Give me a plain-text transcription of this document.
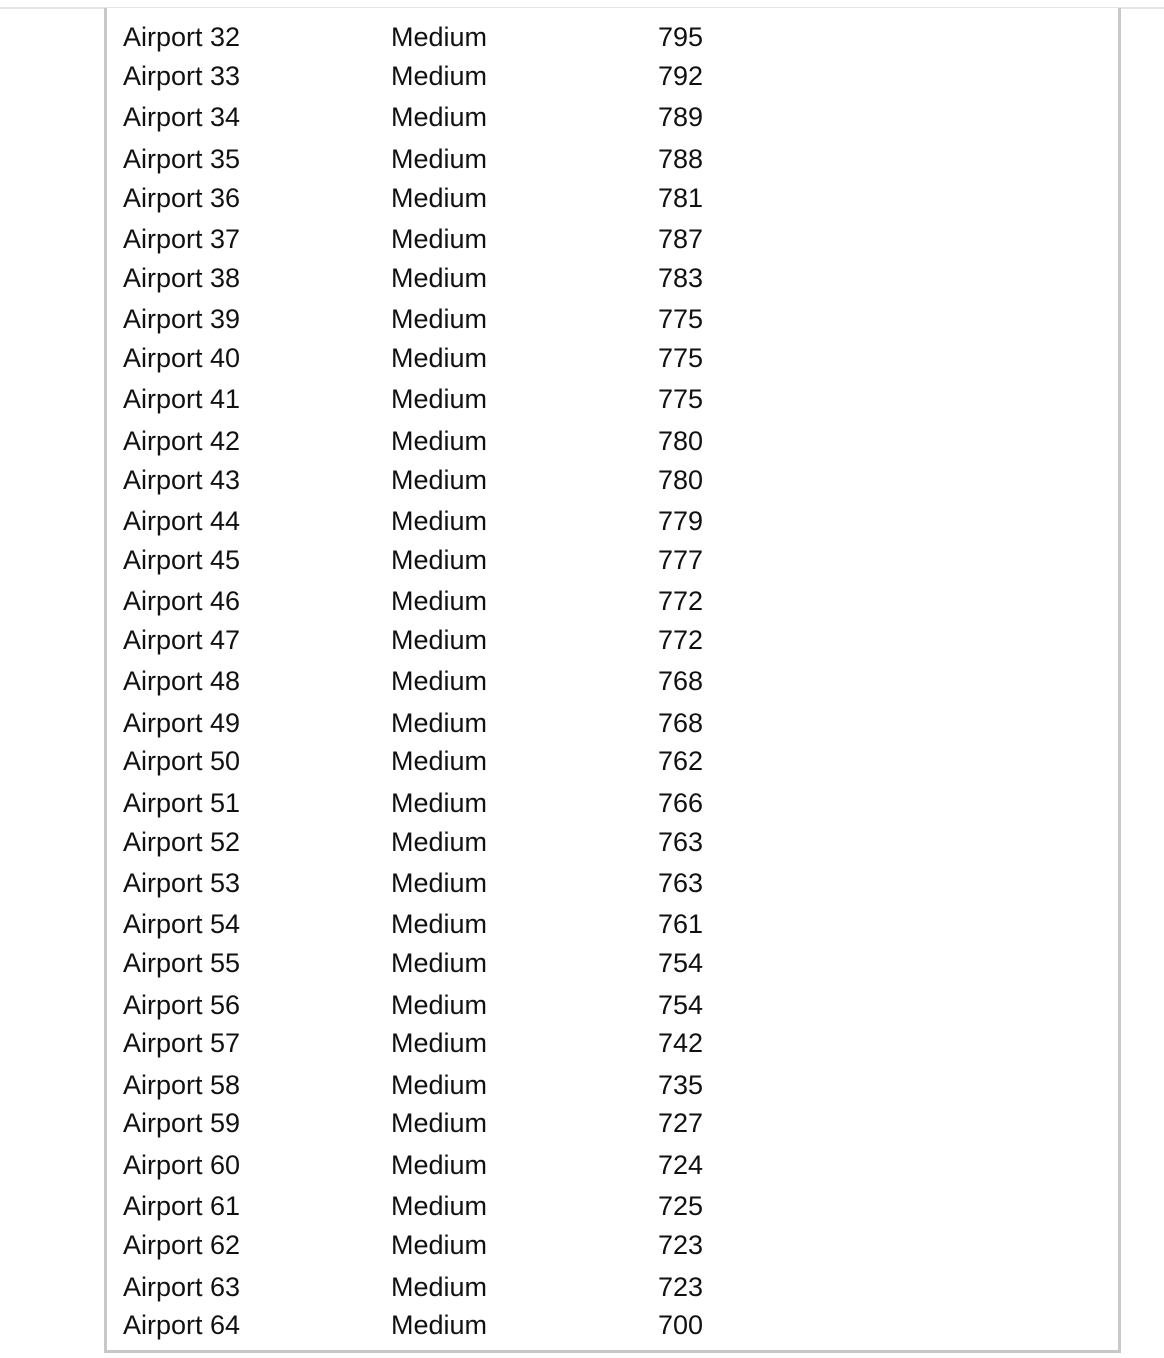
Airport 32	Medium	795
Airport 33	Medium	792
Airport 34	Medium	789
Airport 35	Medium	788
Airport 36	Medium	781
Airport 37	Medium	787
Airport 38	Medium	783
Airport 39	Medium	775
Airport 40	Medium	775
Airport 41	Medium	775
Airport 42	Medium	780
Airport 43	Medium	780
Airport 44	Medium	779
Airport 45	Medium	777
Airport 46	Medium	772
Airport 47	Medium	772
Airport 48	Medium	768
Airport 49	Medium	768
Airport 50	Medium	762
Airport 51	Medium	766
Airport 52	Medium	763
Airport 53	Medium	763
Airport 54	Medium	761
Airport 55	Medium	754
Airport 56	Medium	754
Airport 57	Medium	742
Airport 58	Medium	735
Airport 59	Medium	727
Airport 60	Medium	724
Airport 61	Medium	725
Airport 62	Medium	723
Airport 63	Medium	723
Airport 64	Medium	700
